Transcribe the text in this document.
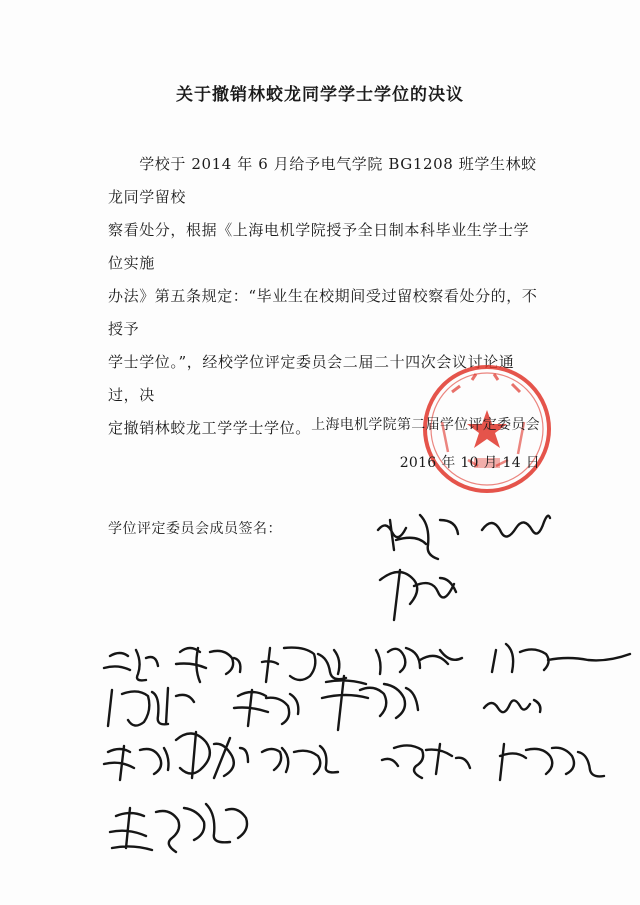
关于撤销林蛟龙同学学士学位的决议

　　学校于 2014 年 6 月给予电气学院 BG1208 班学生林蛟龙同学留校

察看处分，根据《上海电机学院授予全日制本科毕业生学士学位实施

办法》第五条规定：“毕业生在校期间受过留校察看处分的，不授予

学士学位。”，经校学位评定委员会二届二十四次会议讨论通过，决

定撤销林蛟龙工学学士学位。 上海电机学院第二届学位评定委员会
2016 年 10 月 14 日
学位评定委员会成员签名：
